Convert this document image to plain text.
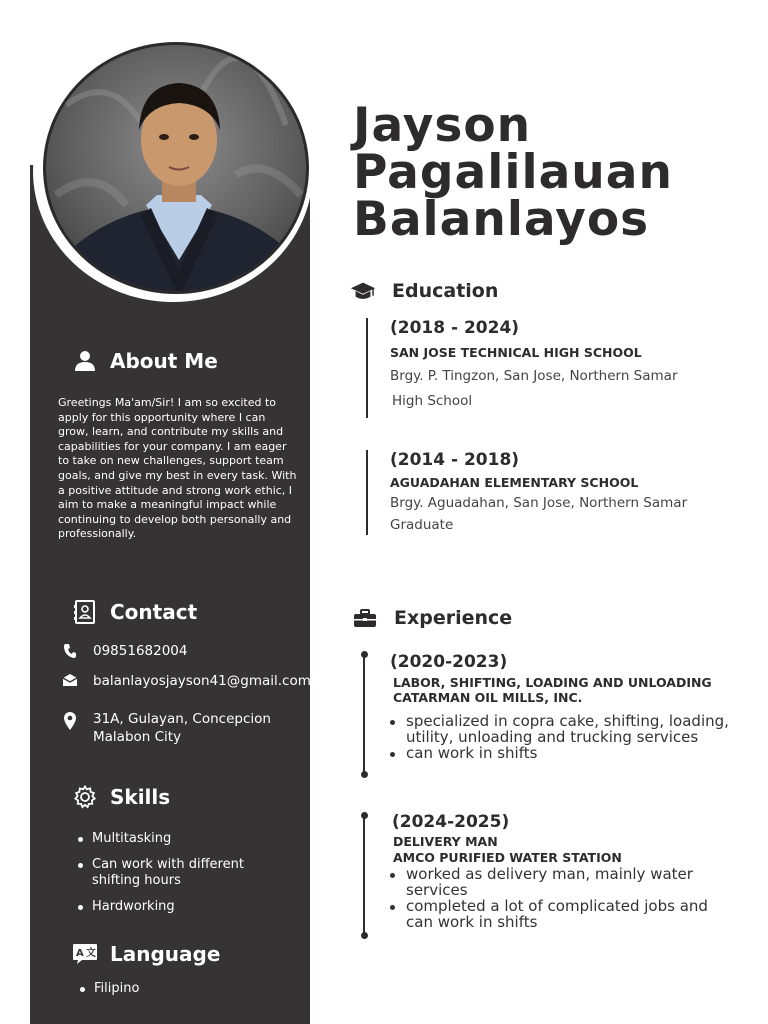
About Me
Greetings Ma'am/Sir! I am so excited to apply for this opportunity where I can grow, learn, and contribute my skills and capabilities for your company. I am eager to take on new challenges, support team goals, and give my best in every task. With a positive attitude and strong work ethic, I aim to make a meaningful impact while continuing to develop both personally and professionally.
Contact
09851682004
balanlayosjayson41@gmail.com
31A, Gulayan, Concepcion
Malabon City
Skills
Multitasking
Can work with different shifting hours
Hardworking
A 文 Language
Filipino
Jayson
Pagalilauan
Balanlayos
Education
(2018 - 2024)
SAN JOSE TECHNICAL HIGH SCHOOL
Brgy. P. Tingzon, San Jose, Northern Samar
High School
(2014 - 2018)
AGUADAHAN ELEMENTARY SCHOOL
Brgy. Aguadahan, San Jose, Northern Samar
Graduate
Experience
(2020-2023)
LABOR, SHIFTING, LOADING AND UNLOADING
CATARMAN OIL MILLS, INC.
specialized in copra cake, shifting, loading, utility, unloading and trucking services
can work in shifts
(2024-2025)
DELIVERY MAN
AMCO PURIFIED WATER STATION
worked as delivery man, mainly water services
completed a lot of complicated jobs and can work in shifts
